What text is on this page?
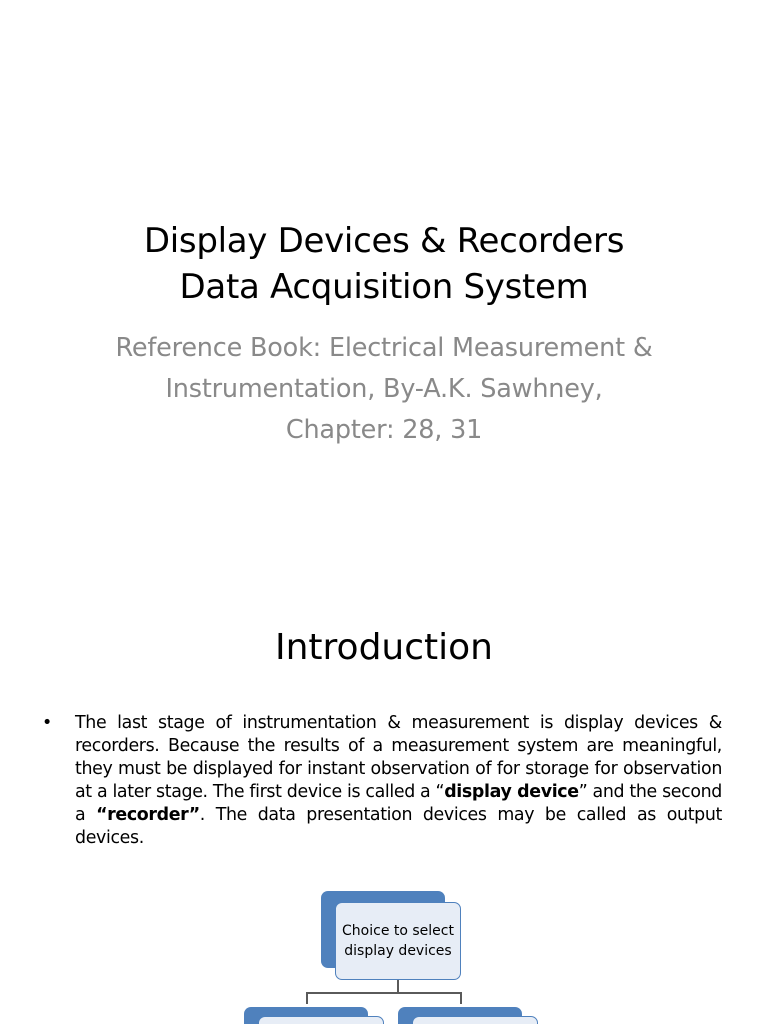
Display Devices & Recorders
Data Acquisition System
Reference Book: Electrical Measurement &
Instrumentation, By-A.K. Sawhney,
Chapter: 28, 31
Introduction
• The last stage of instrumentation & measurement is display devices & recorders. Because the results of a measurement system are meaningful, they must be displayed for instant observation of for storage for observation at a later stage. The first device is called a “display device” and the second a “recorder”. The data presentation devices may be called as output devices.
Choice to select
display devices
